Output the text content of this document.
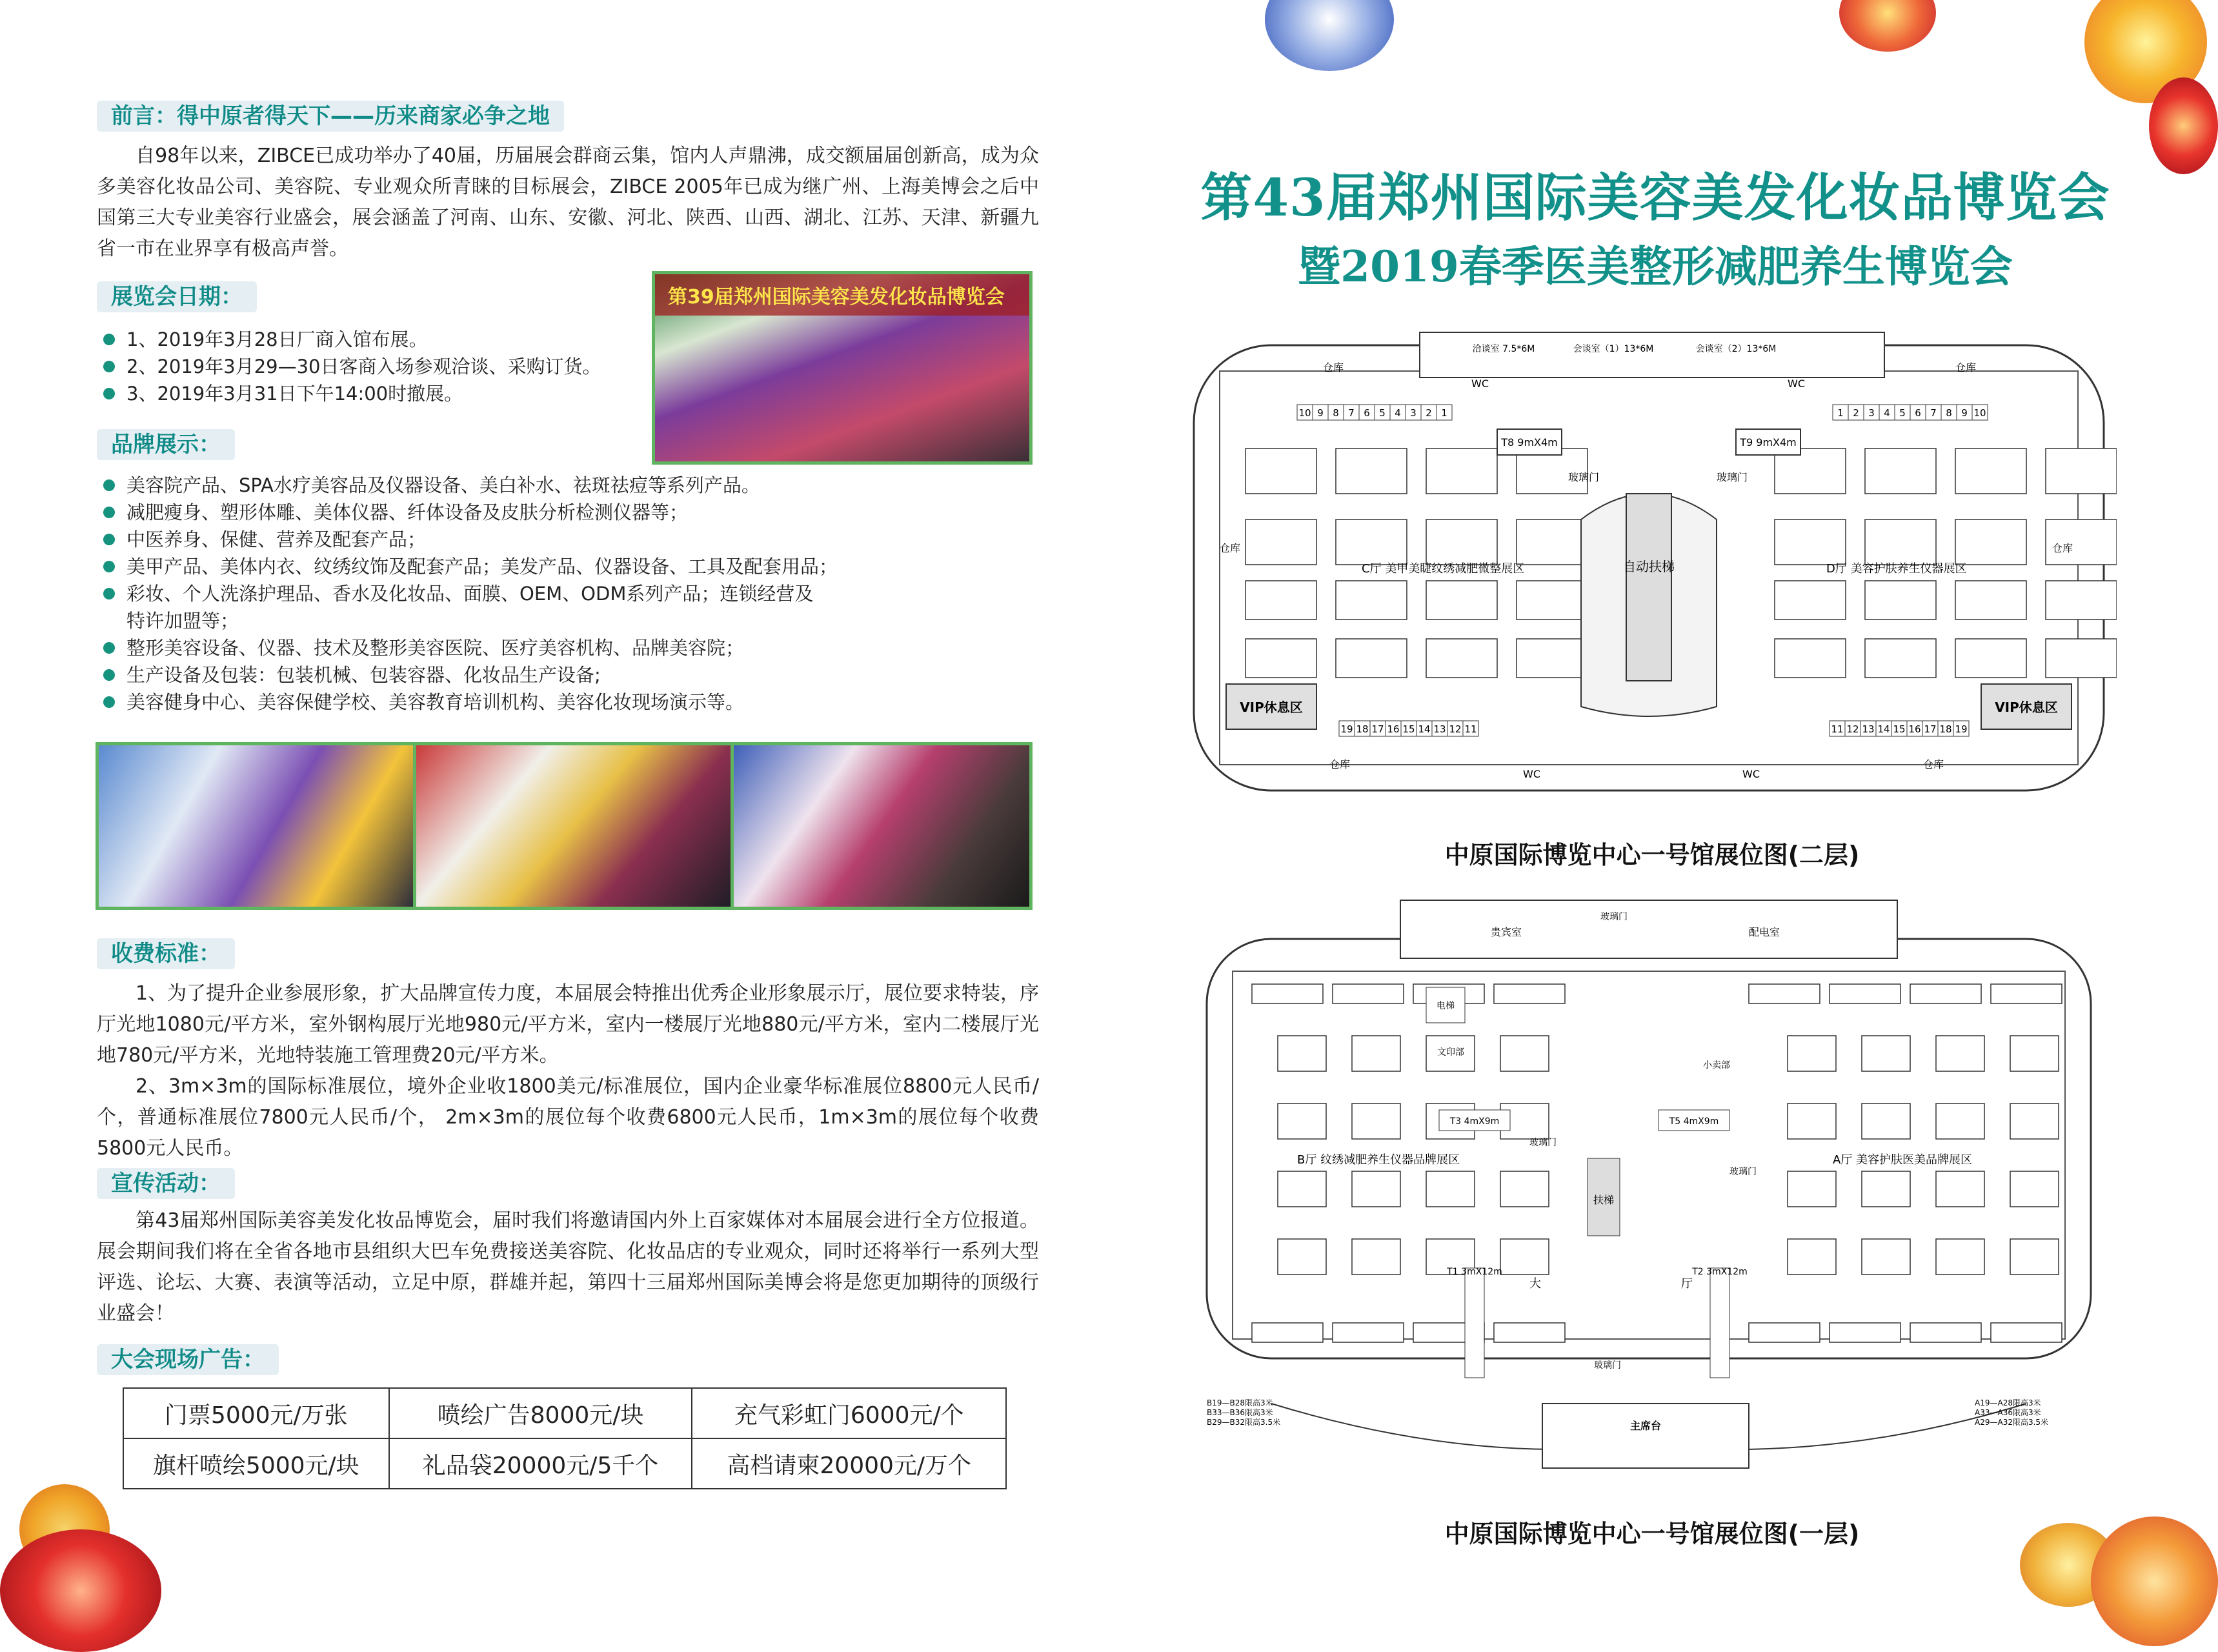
前言：得中原者得天下——历来商家必争之地
自98年以来，ZIBCE已成功举办了40届，历届展会群商云集，馆内人声鼎沸，成交额届届创新高，成为众多美容化妆品公司、美容院、专业观众所青睐的目标展会，ZIBCE 2005年已成为继广州、上海美博会之后中国第三大专业美容行业盛会，展会涵盖了河南、山东、安徽、河北、陕西、山西、湖北、江苏、天津、新疆九省一市在业界享有极高声誉。
展览会日期：
1、2019年3月28日厂商入馆布展。
2、2019年3月29—30日客商入场参观洽谈、采购订货。
3、2019年3月31日下午14:00时撤展。
第39届郑州国际美容美发化妆品博览会
品牌展示：
美容院产品、SPA水疗美容品及仪器设备、美白补水、祛斑祛痘等系列产品。
减肥瘦身、塑形体雕、美体仪器、纤体设备及皮肤分析检测仪器等；
中医养身、保健、营养及配套产品；
美甲产品、美体内衣、纹绣纹饰及配套产品；美发产品、仪器设备、工具及配套用品；
彩妆、个人洗涤护理品、香水及化妆品、面膜、OEM、ODM系列产品；连锁经营及特许加盟等；
整形美容设备、仪器、技术及整形美容医院、医疗美容机构、品牌美容院；
生产设备及包装：包装机械、包装容器、化妆品生产设备;
美容健身中心、美容保健学校、美容教育培训机构、美容化妆现场演示等。
收费标准：
1、为了提升企业参展形象，扩大品牌宣传力度，本届展会特推出优秀企业形象展示厅，展位要求特装，序厅光地1080元/平方米，室外钢构展厅光地980元/平方米，室内一楼展厅光地880元/平方米，室内二楼展厅光地780元/平方米，光地特装施工管理费20元/平方米。
2、3m×3m的国际标准展位，境外企业收1800美元/标准展位，国内企业豪华标准展位8800元人民币/个，普通标准展位7800元人民币/个， 2m×3m的展位每个收费6800元人民币，1m×3m的展位每个收费5800元人民币。
宣传活动：
第43届郑州国际美容美发化妆品博览会，届时我们将邀请国内外上百家媒体对本届展会进行全方位报道。展会期间我们将在全省各地市县组织大巴车免费接送美容院、化妆品店的专业观众，同时还将举行一系列大型评选、论坛、大赛、表演等活动，立足中原，群雄并起，第四十三届郑州国际美博会将是您更加期待的顶级行业盛会！
大会现场广告：
门票5000元/万张	喷绘广告8000元/块	充气彩虹门6000元/个
旗杆喷绘5000元/块	礼品袋20000元/5千个	高档请柬20000元/万个
第43届郑州国际美容美发化妆品博览会
暨2019春季医美整形减肥养生博览会
洽谈室 7.5*6M	会谈室（1）13*6M	会谈室（2）13*6M
仓库	仓库
WC	WC
10 9 8 7 6 5 4 3 2 1	1 2 3 4 5 6 7 8 9 10
19 18 17 16 15 14 13 12 11	11 12 13 14 15 16 17 18 19
C厅 美甲美睫纹绣减肥微整展区	D厅 美容护肤养生仪器展区
T8 9mX4m	T9 9mX4m
自动扶梯
玻璃门	玻璃门
VIP休息区	VIP休息区
仓库	仓库
仓库	仓库
WC	WC
中原国际博览中心一号馆展位图(二层)
贵宾室	配电室
玻璃门
B厅 纹绣减肥养生仪器品牌展区	A厅 美容护肤医美品牌展区
电梯
文印部
小卖部
T3 4mX9m	T5 4mX9m
玻璃门
玻璃门
扶梯
T1 3mX12m	T2 3mX12m
大	厅
玻璃门
主席台
B19—B28限高3米
B33—B36限高3米
B29—B32限高3.5米
A19—A28限高3米
A33—A36限高3米
A29—A32限高3.5米
中原国际博览中心一号馆展位图(一层)
